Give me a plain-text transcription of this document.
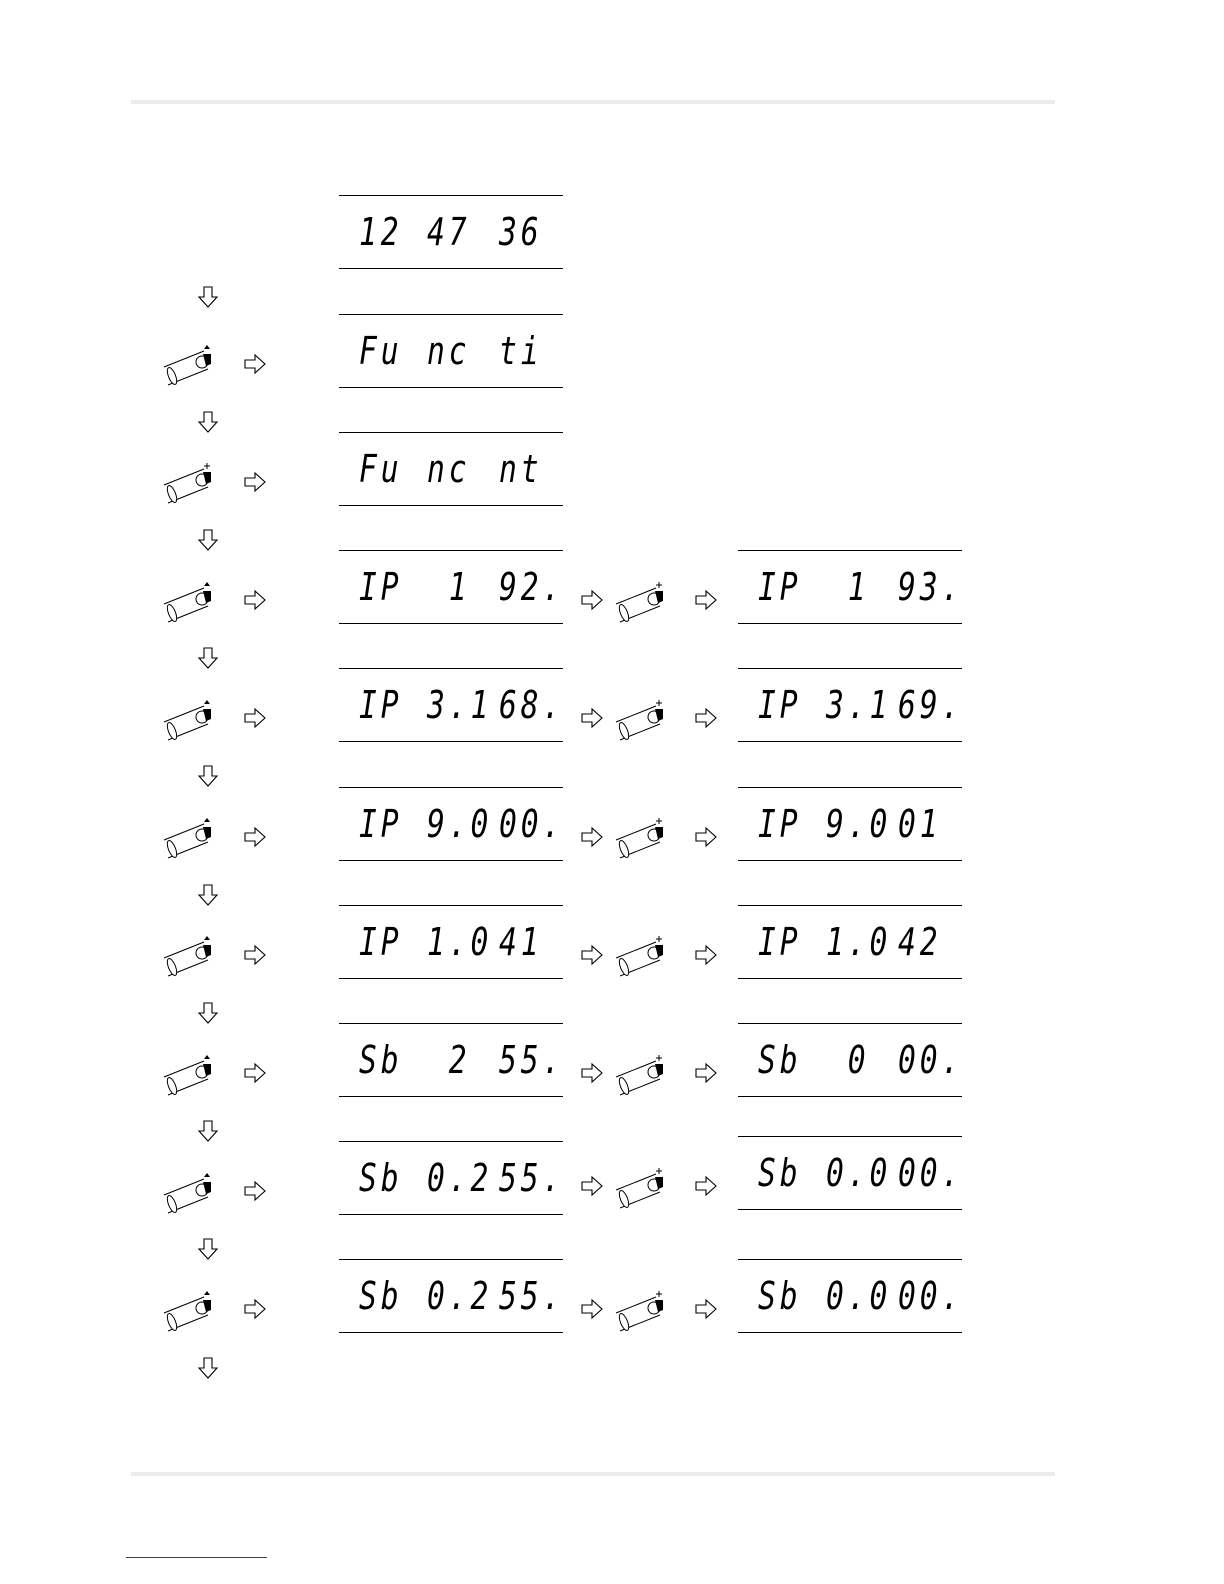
12 47 36
Fu nc ti
Fu nc nt
IP 1 92.
IP 3.1 68.
IP 9.0 00.
IP 1.0 41
Sb 2 55.
Sb 0.2 55.
Sb 0.2 55.
IP 1 93.
IP 3.1 69.
IP 9.0 01
IP 1.0 42
Sb 0 00.
Sb 0.0 00.
Sb 0.0 00.
